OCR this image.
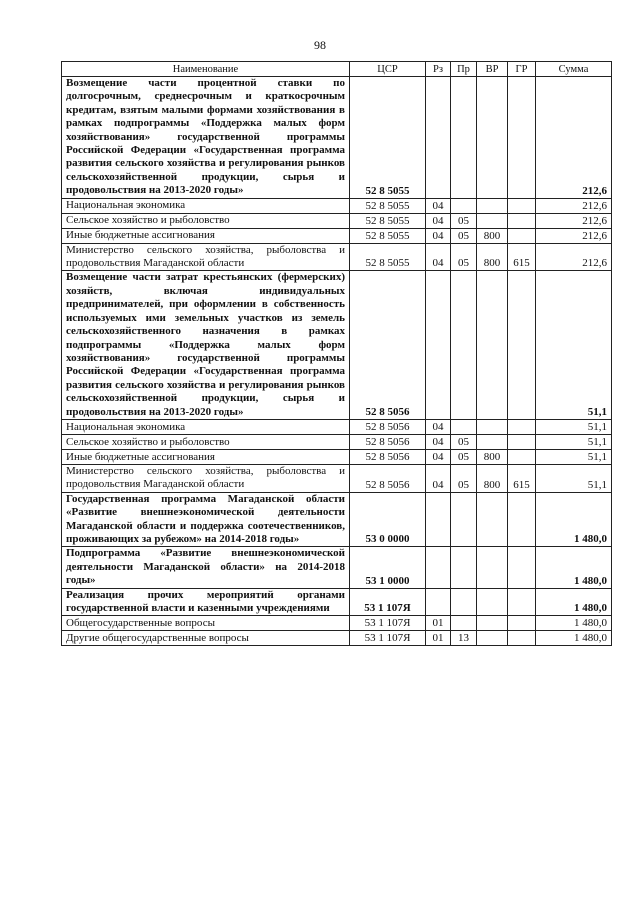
98
Наименование	ЦСР	Рз	Пр	ВР	ГР	Сумма
Возмещение части процентной ставки по долгосрочным, среднесрочным и краткосрочным кредитам, взятым малыми формами хозяйствования в рамках подпрограммы «Поддержка малых форм хозяйствования» государственной программы Российской Федерации «Государственная программа развития сельского хозяйства и регулирования рынков сельскохозяйственной продукции, сырья и продовольствия на 2013-2020 годы»	52 8 5055					212,6
Национальная экономика	52 8 5055	04				212,6
Сельское хозяйство и рыболовство	52 8 5055	04	05			212,6
Иные бюджетные ассигнования	52 8 5055	04	05	800		212,6
Министерство сельского хозяйства, рыболовства и продовольствия Магаданской области	52 8 5055	04	05	800	615	212,6
Возмещение части затрат крестьянских (фермерских) хозяйств, включая индивидуальных предпринимателей, при оформлении в собственность используемых ими земельных участков из земель сельскохозяйственного назначения в рамках подпрограммы «Поддержка малых форм хозяйствования» государственной программы Российской Федерации «Государственная программа развития сельского хозяйства и регулирования рынков сельскохозяйственной продукции, сырья и продовольствия на 2013-2020 годы»	52 8 5056					51,1
Национальная экономика	52 8 5056	04				51,1
Сельское хозяйство и рыболовство	52 8 5056	04	05			51,1
Иные бюджетные ассигнования	52 8 5056	04	05	800		51,1
Министерство сельского хозяйства, рыболовства и продовольствия Магаданской области	52 8 5056	04	05	800	615	51,1
Государственная программа Магаданской области «Развитие внешнеэкономической деятельности Магаданской области и поддержка соотечественников, проживающих за рубежом» на 2014-2018 годы»	53 0 0000					1 480,0
Подпрограмма «Развитие внешнеэкономической деятельности Магаданской области» на 2014-2018 годы»	53 1 0000					1 480,0
Реализация прочих мероприятий органами государственной власти и казенными учреждениями	53 1 107Я					1 480,0
Общегосударственные вопросы	53 1 107Я	01				1 480,0
Другие общегосударственные вопросы	53 1 107Я	01	13			1 480,0
